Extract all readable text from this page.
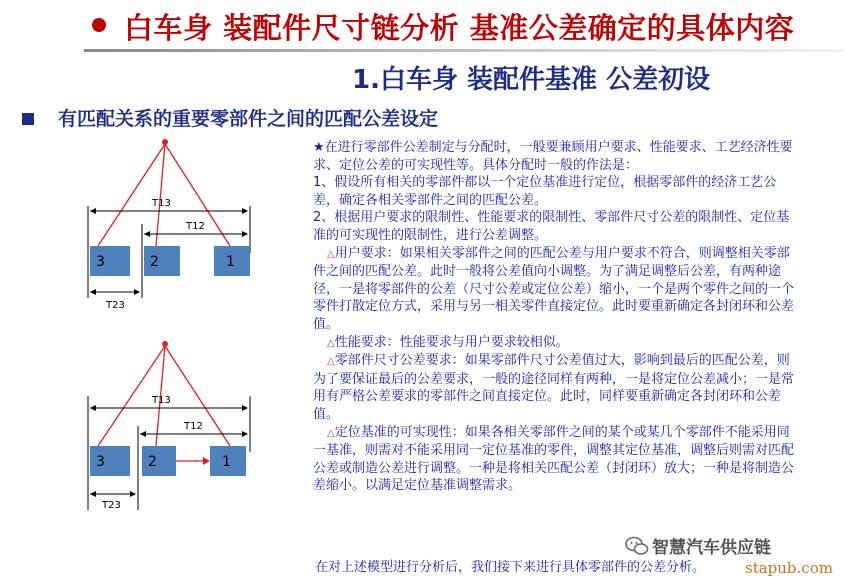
白车身 装配件尺寸链分析 基准公差确定的具体内容
1.白车身 装配件基准 公差初设
有匹配关系的重要零部件之间的匹配公差设定
T13
T12
T23
3	2	1
T13
T12
T23
3	2	1

★在进行零部件公差制定与分配时，一般要兼顾用户要求、性能要求、工艺经济性要求、定位公差的可实现性等。具体分配时一般的作法是：

1、假设所有相关的零部件都以一个定位基准进行定位，根据零部件的经济工艺公差，确定各相关零部件之间的匹配公差。

2、根据用户要求的限制性、性能要求的限制性、零部件尺寸公差的限制性、定位基准的可实现性的限制性，进行公差调整。

△用户要求：如果相关零部件之间的匹配公差与用户要求不符合，则调整相关零部件之间的匹配公差。此时一般将公差值向小调整。为了满足调整后公差，有两种途径，一是将零部件的公差（尺寸公差或定位公差）缩小，一个是两个零件之间的一个零件打散定位方式，采用与另一相关零件直接定位。此时要重新确定各封闭环和公差值。

△性能要求：性能要求与用户要求较相似。

△零部件尺寸公差要求：如果零部件尺寸公差值过大，影响到最后的匹配公差，则为了要保证最后的公差要求，一般的途径同样有两种，一是将定位公差减小；一是常用有严格公差要求的零部件之间直接定位。此时，同样要重新确定各封闭环和公差值。

△定位基准的可实现性：如果各相关零部件之间的某个或某几个零部件不能采用同一基准，则需对不能采用同一定位基准的零件，调整其定位基准，调整后则需对匹配公差或制造公差进行调整。一种是将相关匹配公差（封闭环）放大；一种是将制造公差缩小。以满足定位基准调整需求。

在对上述模型进行分析后，我们接下来进行具体零部件的公差分析。
智慧汽车供应链
stapub.com
